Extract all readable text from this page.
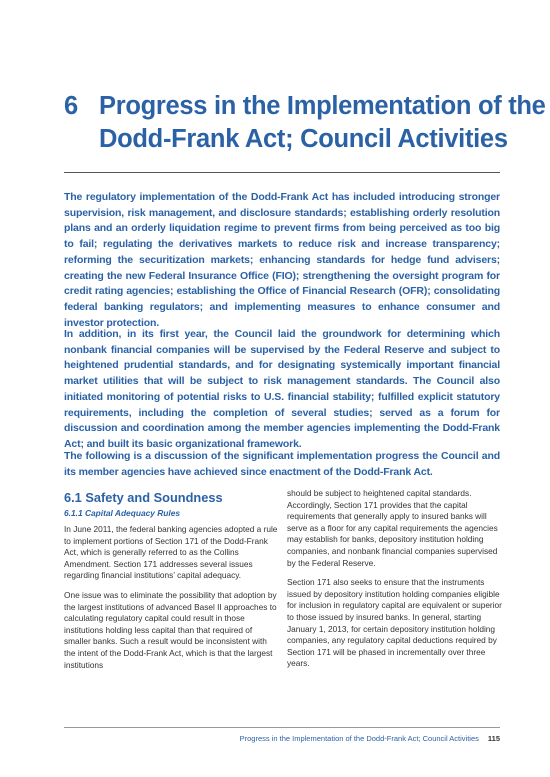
6 Progress in the Implementation of the
Dodd-Frank Act; Council Activities

The regulatory implementation of the Dodd-Frank Act has included introducing stronger supervision, risk management, and disclosure standards; establishing orderly resolution plans and an orderly liquidation regime to prevent firms from being perceived as too big to fail; regulating the derivatives markets to reduce risk and increase transparency; reforming the securitization markets; enhancing standards for hedge fund advisers; creating the new Federal Insurance Office (FIO); strengthening the oversight program for credit rating agencies; establishing the Office of Financial Research (OFR); consolidating federal banking regulators; and implementing measures to enhance consumer and investor protection.

In addition, in its first year, the Council laid the groundwork for determining which nonbank financial companies will be supervised by the Federal Reserve and subject to heightened prudential standards, and for designating systemically important financial market utilities that will be subject to risk management standards. The Council also initiated monitoring of potential risks to U.S. financial stability; fulfilled explicit statutory requirements, including the completion of several studies; served as a forum for discussion and coordination among the member agencies implementing the Dodd-Frank Act; and built its basic organizational framework.

The following is a discussion of the significant implementation progress the Council and its member agencies have achieved since enactment of the Dodd-Frank Act.

6.1 Safety and Soundness
6.1.1 Capital Adequacy Rules

In June 2011, the federal banking agencies adopted a rule to implement portions of Section 171 of the Dodd-Frank Act, which is generally referred to as the Collins Amendment. Section 171 addresses several issues regarding financial institutions’ capital adequacy.

One issue was to eliminate the possibility that adoption by the largest institutions of advanced Basel II approaches to calculating regulatory capital could result in those institutions holding less capital than that required of smaller banks. Such a result would be inconsistent with the intent of the Dodd-Frank Act, which is that the largest institutions

should be subject to heightened capital standards. Accordingly, Section 171 provides that the capital requirements that generally apply to insured banks will serve as a floor for any capital requirements the agencies may establish for banks, depository institution holding companies, and nonbank financial companies supervised by the Federal Reserve.

Section 171 also seeks to ensure that the instruments issued by depository institution holding companies eligible for inclusion in regulatory capital are equivalent or superior to those issued by insured banks. In general, starting January 1, 2013, for certain depository institution holding companies, any regulatory capital deductions required by Section 171 will be phased in incrementally over three years.

Progress in the Implementation of the Dodd-Frank Act; Council Activities 115
